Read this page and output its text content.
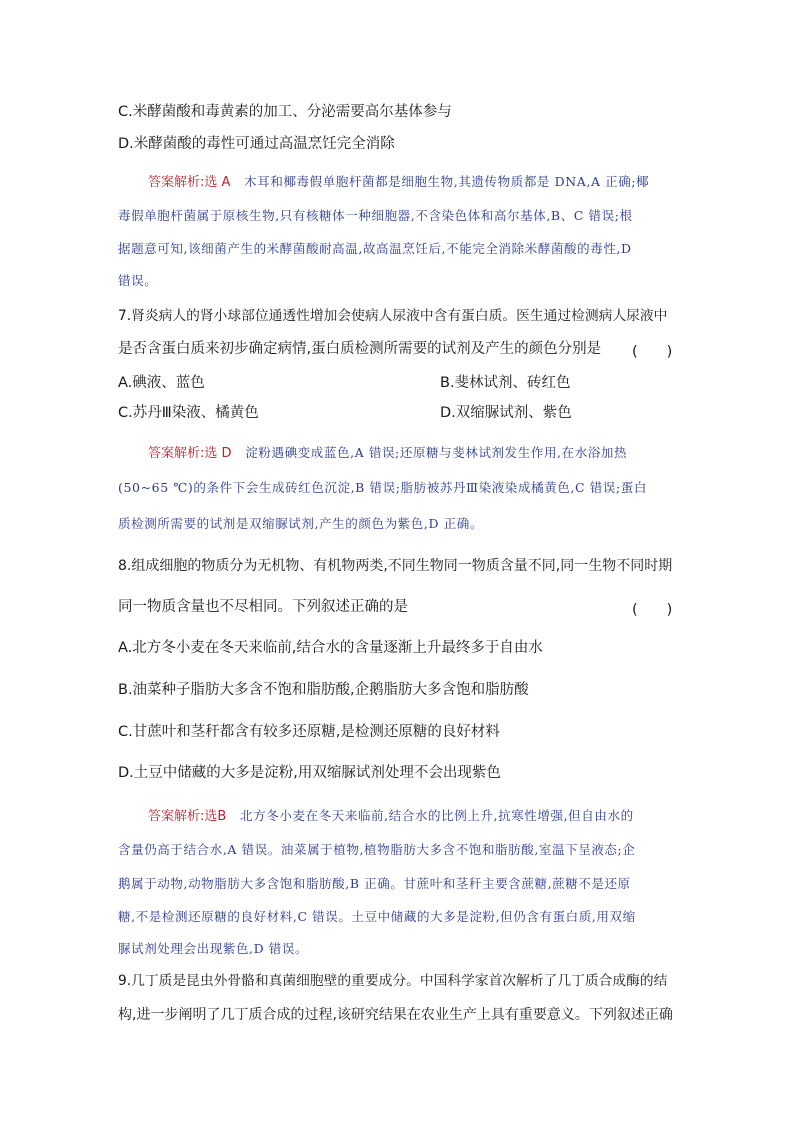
C.米酵菌酸和毒黄素的加工、分泌需要高尔基体参与
D.米酵菌酸的毒性可通过高温烹饪完全消除
答案解析:选 A 木耳和椰毒假单胞杆菌都是细胞生物,其遗传物质都是 DNA,A 正确;椰
毒假单胞杆菌属于原核生物,只有核糖体一种细胞器,不含染色体和高尔基体,B、C 错误;根
据题意可知,该细菌产生的米酵菌酸耐高温,故高温烹饪后,不能完全消除米酵菌酸的毒性,D
错误。
7.肾炎病人的肾小球部位通透性增加会使病人尿液中含有蛋白质。医生通过检测病人尿液中
是否含蛋白质来初步确定病情,蛋白质检测所需要的试剂及产生的颜色分别是 (　　)
A.碘液、蓝色	B.斐林试剂、砖红色
C.苏丹Ⅲ染液、橘黄色	D.双缩脲试剂、紫色
答案解析:选 D 淀粉遇碘变成蓝色,A 错误;还原糖与斐林试剂发生作用,在水浴加热
(50~65 ℃)的条件下会生成砖红色沉淀,B 错误;脂肪被苏丹Ⅲ染液染成橘黄色,C 错误;蛋白
质检测所需要的试剂是双缩脲试剂,产生的颜色为紫色,D 正确。
8.组成细胞的物质分为无机物、有机物两类,不同生物同一物质含量不同,同一生物不同时期
同一物质含量也不尽相同。下列叙述正确的是	(　　)
A.北方冬小麦在冬天来临前,结合水的含量逐渐上升最终多于自由水
B.油菜种子脂肪大多含不饱和脂肪酸,企鹅脂肪大多含饱和脂肪酸
C.甘蔗叶和茎秆都含有较多还原糖,是检测还原糖的良好材料
D.土豆中储藏的大多是淀粉,用双缩脲试剂处理不会出现紫色
答案解析:选B 北方冬小麦在冬天来临前,结合水的比例上升,抗寒性增强,但自由水的
含量仍高于结合水,A 错误。油菜属于植物,植物脂肪大多含不饱和脂肪酸,室温下呈液态;企
鹅属于动物,动物脂肪大多含饱和脂肪酸,B 正确。甘蔗叶和茎秆主要含蔗糖,蔗糖不是还原
糖,不是检测还原糖的良好材料,C 错误。土豆中储藏的大多是淀粉,但仍含有蛋白质,用双缩
脲试剂处理会出现紫色,D 错误。
9.几丁质是昆虫外骨骼和真菌细胞壁的重要成分。中国科学家首次解析了几丁质合成酶的结
构,进一步阐明了几丁质合成的过程,该研究结果在农业生产上具有重要意义。下列叙述正确
